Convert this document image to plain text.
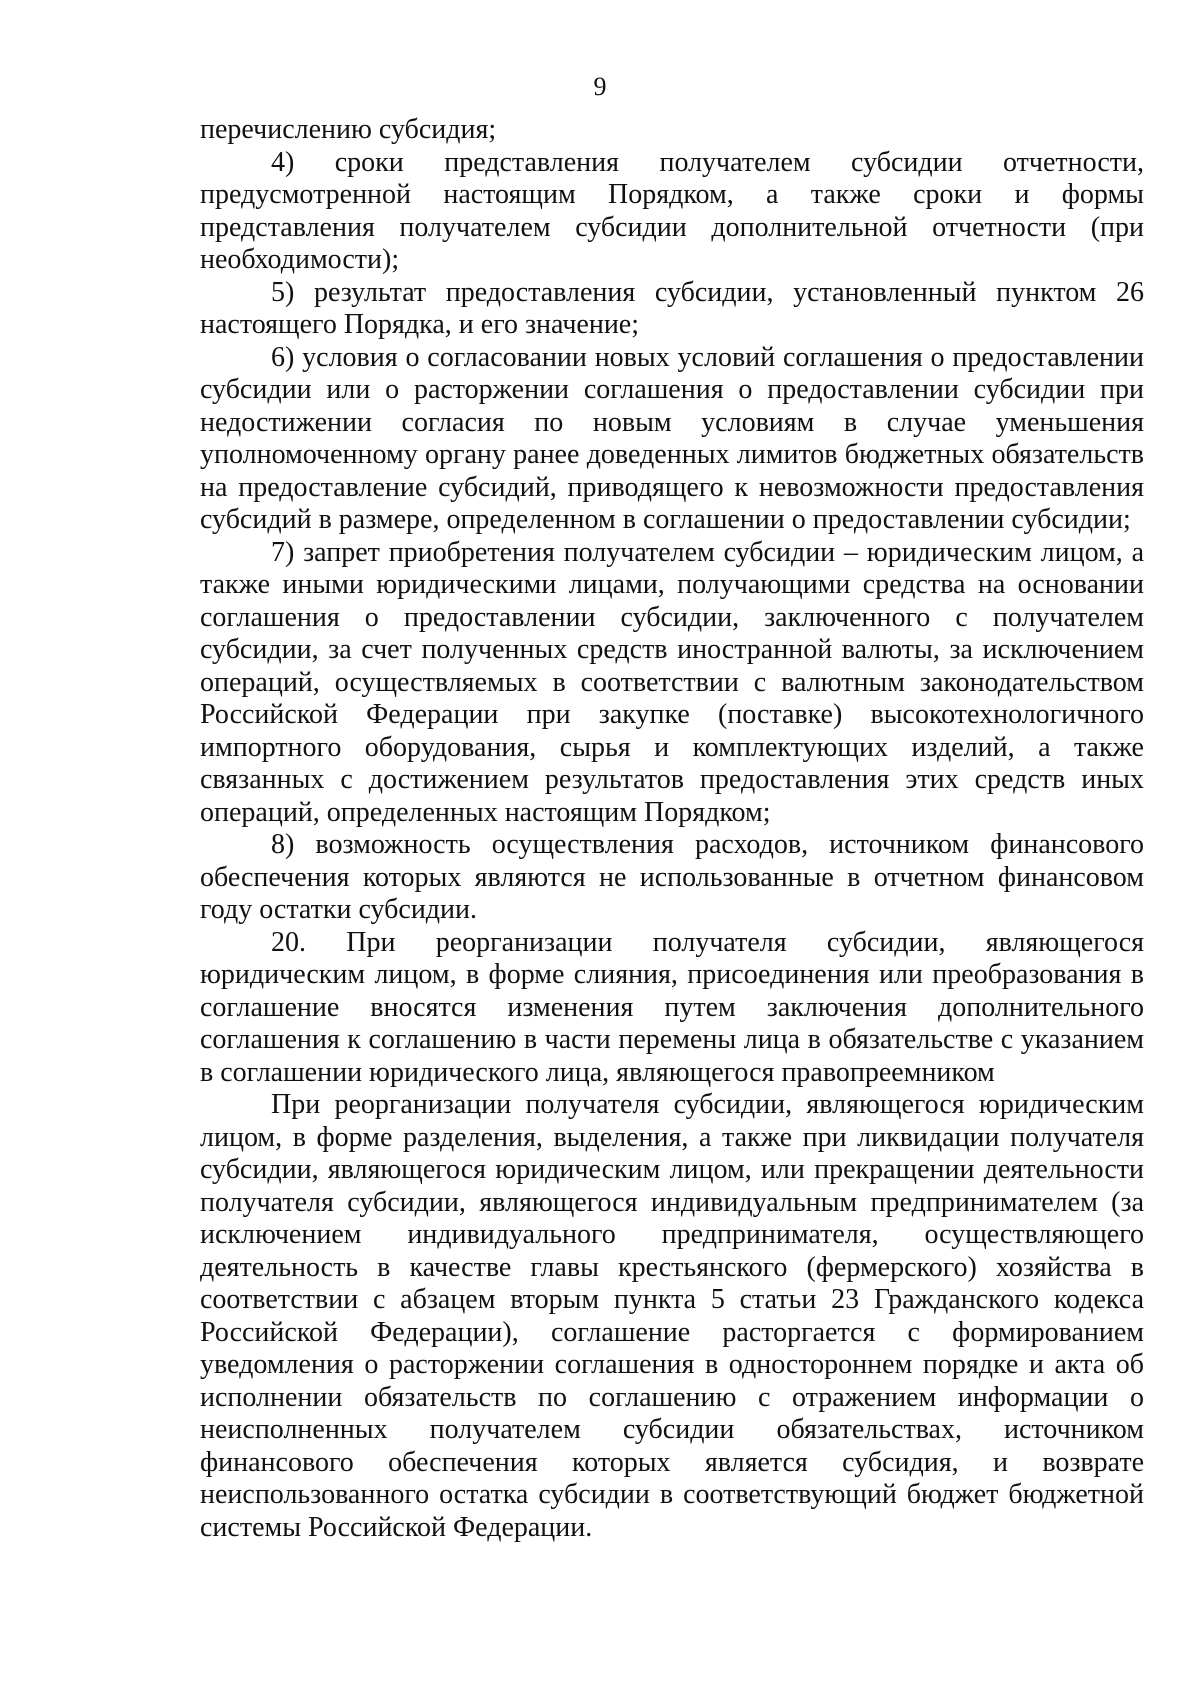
9

перечислению субсидия;

4) сроки представления получателем субсидии отчетности, предусмотренной настоящим Порядком, а также сроки и формы представления получателем субсидии дополнительной отчетности (при необходимости);

5) результат предоставления субсидии, установленный пунктом 26 настоящего Порядка, и его значение;

6) условия о согласовании новых условий соглашения о предоставлении субсидии или о расторжении соглашения о предоставлении субсидии при недостижении согласия по новым условиям в случае уменьшения уполномоченному органу ранее доведенных лимитов бюджетных обязательств на предоставление субсидий, приводящего к невозможности предоставления субсидий в размере, определенном в соглашении о предоставлении субсидии;

7) запрет приобретения получателем субсидии – юридическим лицом, а также иными юридическими лицами, получающими средства на основании соглашения о предоставлении субсидии, заключенного с получателем субсидии, за счет полученных средств иностранной валюты, за исключением операций, осуществляемых в соответствии с валютным законодательством Российской Федерации при закупке (поставке) высокотехнологичного импортного оборудования, сырья и комплектующих изделий, а также связанных с достижением результатов предоставления этих средств иных операций, определенных настоящим Порядком;

8) возможность осуществления расходов, источником финансового обеспечения которых являются не использованные в отчетном финансовом году остатки субсидии.

20. При реорганизации получателя субсидии, являющегося юридическим лицом, в форме слияния, присоединения или преобразования в соглашение вносятся изменения путем заключения дополнительного соглашения к соглашению в части перемены лица в обязательстве с указанием в соглашении юридического лица, являющегося правопреемником

При реорганизации получателя субсидии, являющегося юридическим лицом, в форме разделения, выделения, а также при ликвидации получателя субсидии, являющегося юридическим лицом, или прекращении деятельности получателя субсидии, являющегося индивидуальным предпринимателем (за исключением индивидуального предпринимателя, осуществляющего деятельность в качестве главы крестьянского (фермерского) хозяйства в соответствии с абзацем вторым пункта 5 статьи 23 Гражданского кодекса Российской Федерации), соглашение расторгается с формированием уведомления о расторжении соглашения в одностороннем порядке и акта об исполнении обязательств по соглашению с отражением информации о неисполненных получателем субсидии обязательствах, источником финансового обеспечения которых является субсидия, и возврате неиспользованного остатка субсидии в соответствующий бюджет бюджетной системы Российской Федерации.
